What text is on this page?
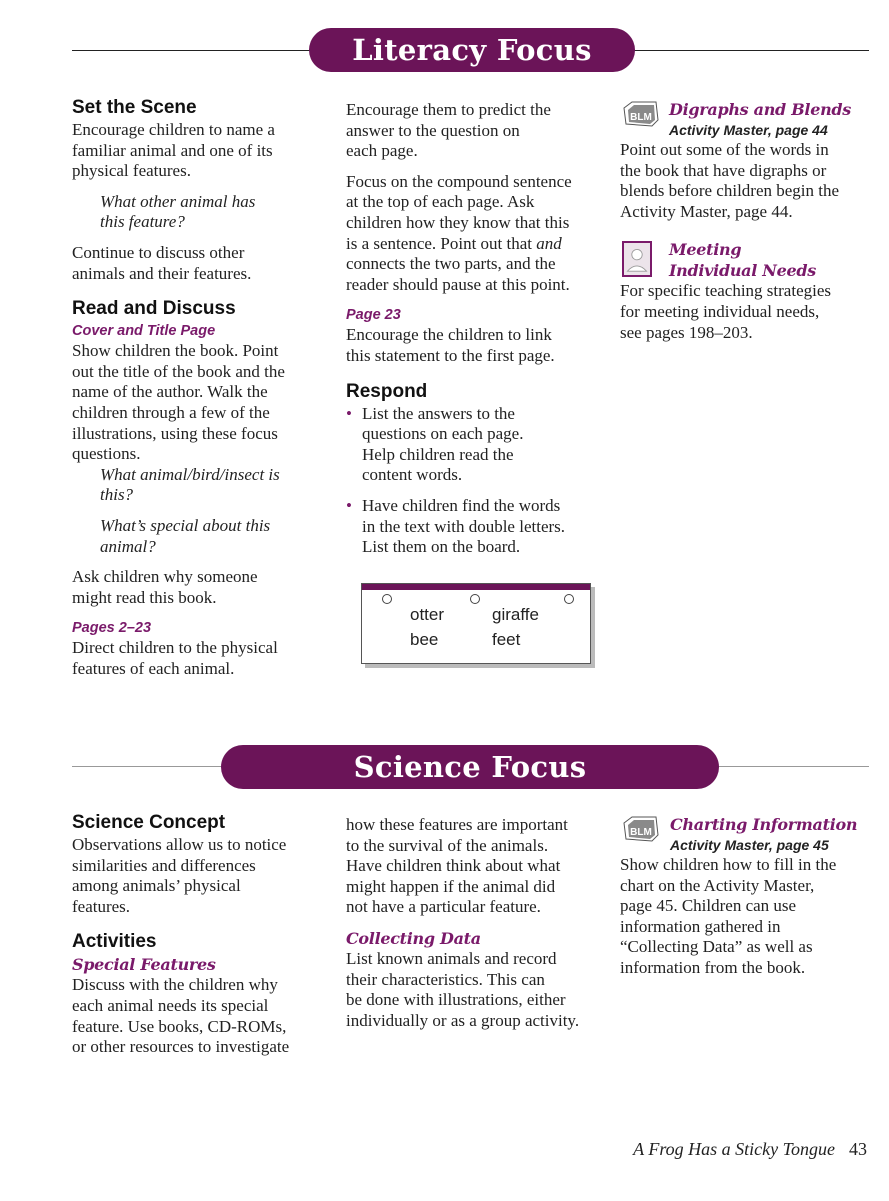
Literacy Focus
Set the Scene

Encourage children to name a

familiar animal and one of its

physical features.

What other animal has

this feature?

Continue to discuss other

animals and their features.

Read and Discuss
Cover and Title Page

Show children the book. Point

out the title of the book and the

name of the author. Walk the

children through a few of the

illustrations, using these focus

questions.

What animal/bird/insect is

this?

What’s special about this

animal?

Ask children why someone

might read this book.

Pages 2–23

Direct children to the physical

features of each animal.

Encourage them to predict the

answer to the question on

each page.

Focus on the compound sentence

at the top of each page. Ask

children how they know that this

is a sentence. Point out that and

connects the two parts, and the

reader should pause at this point.

Page 23

Encourage the children to link

this statement to the first page.

Respond
• List the answers to the
questions on each page.
Help children read the
content words.
• Have children find the words
in the text with double letters.
List them on the board.
otter	giraffe
bee	feet
BLM Digraphs and Blends
Activity Master, page 44

Point out some of the words in

the book that have digraphs or

blends before children begin the

Activity Master, page 44.

Meeting
Individual Needs

For specific teaching strategies

for meeting individual needs,

see pages 198–203.

Science Focus
Science Concept

Observations allow us to notice

similarities and differences

among animals’ physical

features.

Activities
Special Features

Discuss with the children why

each animal needs its special

feature. Use books, CD-ROMs,

or other resources to investigate

how these features are important

to the survival of the animals.

Have children think about what

might happen if the animal did

not have a particular feature.

Collecting Data

List known animals and record

their characteristics. This can

be done with illustrations, either

individually or as a group activity.

BLM Charting Information
Activity Master, page 45

Show children how to fill in the

chart on the Activity Master,

page 45. Children can use

information gathered in

“Collecting Data” as well as

information from the book.

A Frog Has a Sticky Tongue 43
